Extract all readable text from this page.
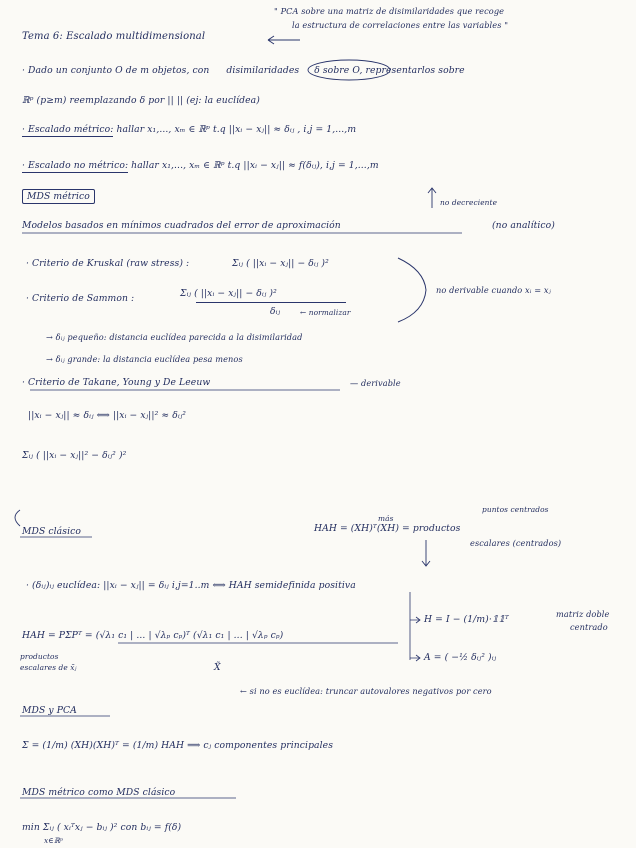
" PCA sobre una matriz de disimilaridades que recoge
la estructura de correlaciones entre las variables "
Tema 6: Escalado multidimensional
· Dado un conjunto O de m objetos, con disimilaridades δ sobre O, representarlos sobre
ℝᵖ (p≥m) reemplazando δ por || || (ej: la euclídea)
· Escalado métrico: hallar x₁,..., xₘ ∈ ℝᵖ t.q ||xᵢ − xⱼ|| ≈ δᵢⱼ , i,j = 1,...,m
· Escalado no métrico: hallar x₁,..., xₘ ∈ ℝᵖ t.q ||xᵢ − xⱼ|| ≈ f(δᵢⱼ), i,j = 1,...,m
no decreciente
MDS métrico
Modelos basados en mínimos cuadrados del error de aproximación	(no analítico)
· Criterio de Kruskal (raw stress) :	Σᵢⱼ ( ||xᵢ − xⱼ|| − δᵢⱼ )²
· Criterio de Sammon :	Σᵢⱼ ( ||xᵢ − xⱼ|| − δᵢⱼ )²
δᵢⱼ	← normalizar
no derivable cuando xᵢ = xⱼ
→ δᵢⱼ pequeño: distancia euclídea parecida a la disimilaridad
→ δᵢⱼ grande: la distancia euclídea pesa menos
· Criterio de Takane, Young y De Leeuw	— derivable
||xᵢ − xⱼ|| ≈ δᵢⱼ ⟺ ||xᵢ − xⱼ||² ≈ δᵢⱼ²
Σᵢⱼ ( ||xᵢ − xⱼ||² − δᵢⱼ² )²
MDS clásico
puntos centrados
más
HAH = (XH)ᵀ(XH) = productos
escalares (centrados)
· (δᵢⱼ)ᵢⱼ euclídea: ||xᵢ − xⱼ|| = δᵢⱼ i,j=1..m ⟺ HAH semidefinida positiva
H = I − (1/m)·𝟙𝟙ᵀ	matriz doble
centrado
A = ( −½ δᵢⱼ² )ᵢⱼ
HAH = PΣPᵀ = (√λ₁ c₁ | ... | √λₚ cₚ)ᵀ (√λ₁ c₁ | ... | √λₚ cₚ)
productos
escalares de x̃ⱼ	X̃
← si no es euclídea: truncar autovalores negativos por cero
MDS y PCA
Σ = (1/m) (XH)(XH)ᵀ = (1/m) HAH ⟹ cⱼ componentes principales
MDS métrico como MDS clásico
min Σᵢⱼ ( xᵢᵀxⱼ − bᵢⱼ )² con bᵢⱼ = f(δ)
x∈ℝᵖ
